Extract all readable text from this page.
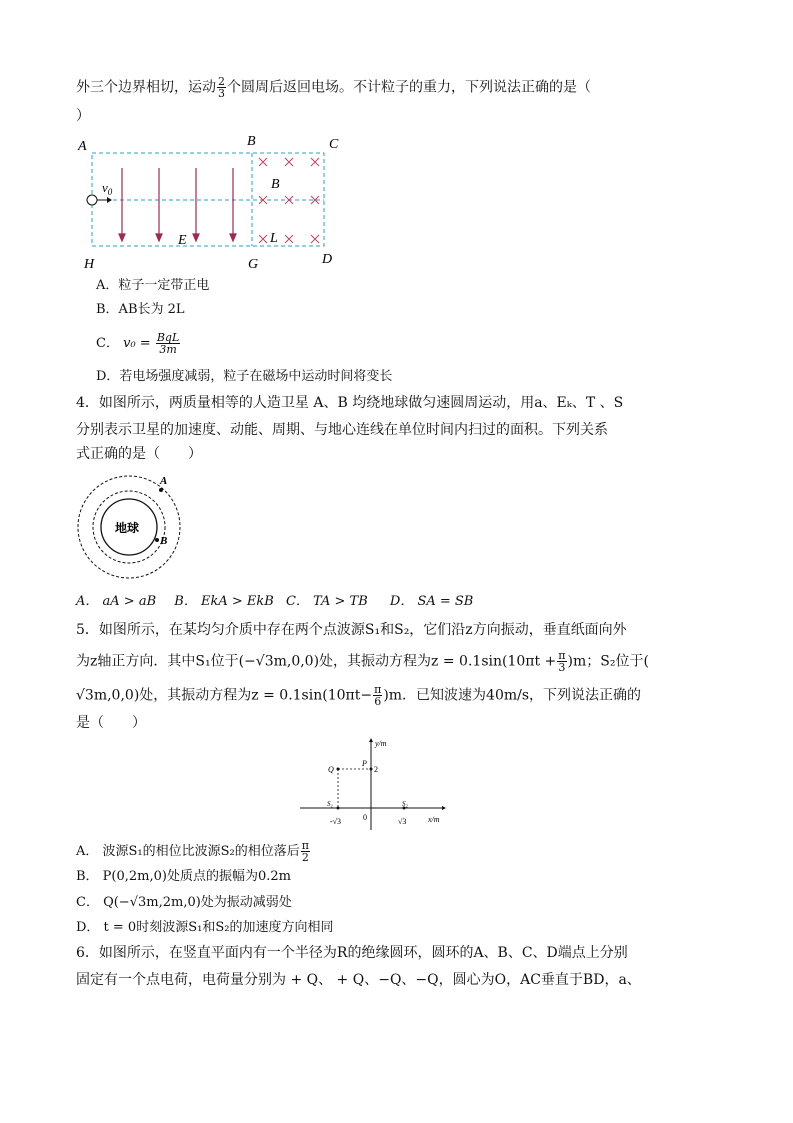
外三个边界相切，运动 $\frac{2}{3}$ 个圆周后返回电场。不计粒子的重力，下列说法正确的是（
）
A	B	C
D
H	G
E
B
L
$v_0$
A．粒子一定带正电
B．AB长为 2L
C． $v_0 = \frac{\text{BqL}}{3m}$
D．若电场强度减弱，粒子在磁场中运动时间将变长
4．如图所示，两质量相等的人造卫星 A、B 均绕地球做匀速圆周运动，用a、Eₖ、T 、S
分别表示卫星的加速度、动能、周期、与地心连线在单位时间内扫过的面积。下列关系
式正确的是（　　）
地球
A
B
A． aA > aB B． EkA > EkB C． TA > TB D． SA = SB
5．如图所示，在某均匀介质中存在两个点波源S₁和S₂，它们沿z方向振动，垂直纸面向外
为z轴正方向．其中S₁位于(−√3m,0,0)处，其振动方程为$z = 0.1\sin(10\pi t + \frac{\pi}{3} )m$；S₂位于(
√3m,0,0)处，其振动方程为$z = 0.1\sin(10\pi t- \frac{\pi}{6} )m$．已知波速为40m/s，下列说法正确的
是（　　）
y/m
x/m
P
2
Q
S₁	S₂
0
-√3	√3
A． 波源S₁的相位比波源S₂的相位落后 $\frac{\pi}{2}$
B． P(0,2m,0)处质点的振幅为0.2m
C． Q(−√3m,2m,0)处为振动减弱处
D． t = 0时刻波源S₁和S₂的加速度方向相同
6．如图所示，在竖直平面内有一个半径为R的绝缘圆环，圆环的A、B、C、D端点上分别
固定有一个点电荷，电荷量分别为 + Q、 + Q、−Q、−Q，圆心为O，AC垂直于BD，a、
